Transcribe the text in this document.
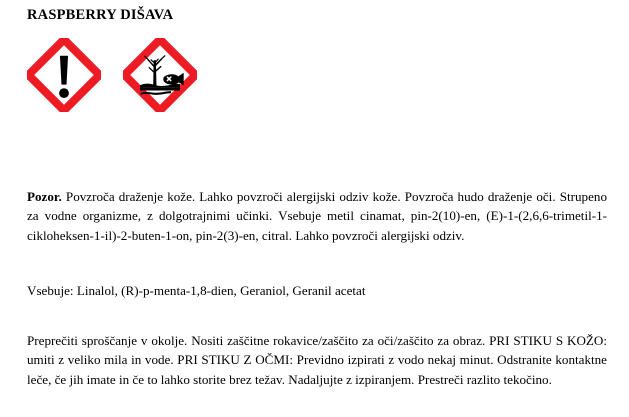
RASPBERRY DIŠAVA
Pozor. Povzroča draženje kože. Lahko povzroči alergijski odziv kože. Povzroča hudo draženje oči. Strupeno za vodne organizme, z dolgotrajnimi učinki. Vsebuje metil cinamat, pin-2(10)-en, (E)-1-(2,6,6-trimetil-1-cikloheksen-1-il)-2-buten-1-on, pin-2(3)-en, citral. Lahko povzroči alergijski odziv.
Vsebuje: Linalol, (R)-p-menta-1,8-dien, Geraniol, Geranil acetat
Preprečiti sproščanje v okolje. Nositi zaščitne rokavice/zaščito za oči/zaščito za obraz. PRI STIKU S KOŽO: umiti z veliko mila in vode. PRI STIKU Z OČMI: Previdno izpirati z vodo nekaj minut. Odstranite kontaktne leče, če jih imate in če to lahko storite brez težav. Nadaljujte z izpiranjem. Prestreči razlito tekočino.
